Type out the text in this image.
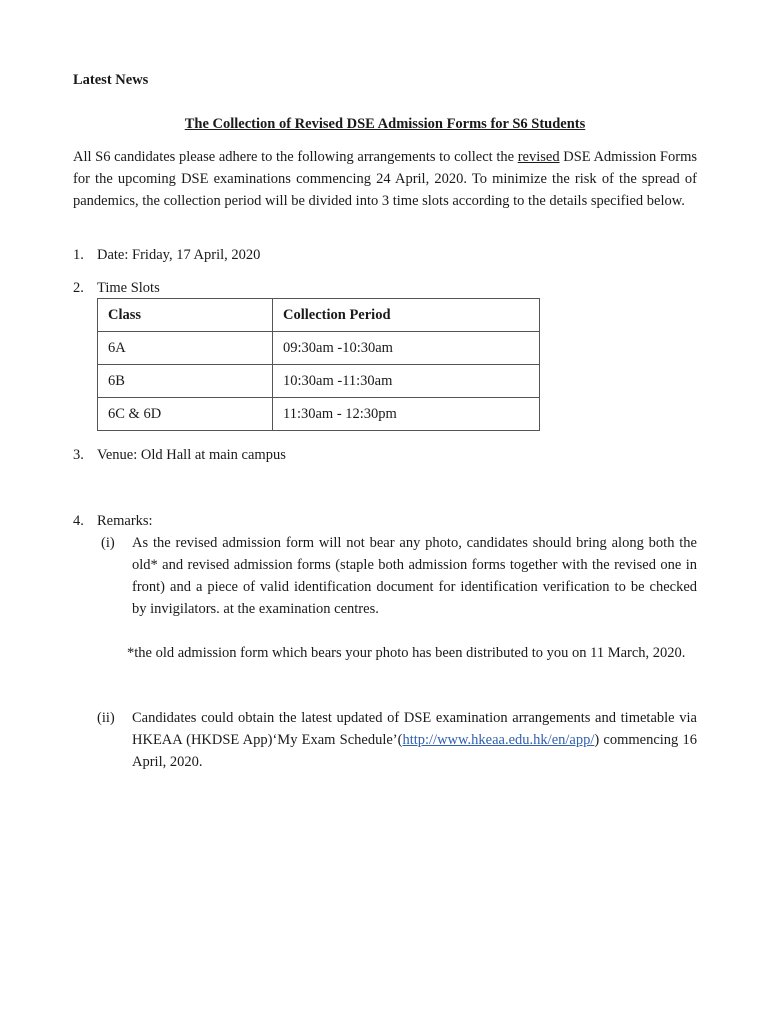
Latest News
The Collection of Revised DSE Admission Forms for S6 Students

All S6 candidates please adhere to the following arrangements to collect the revised DSE Admission Forms for the upcoming DSE examinations commencing 24 April, 2020. To minimize the risk of the spread of pandemics, the collection period will be divided into 3 time slots according to the details specified below.

1. Date: Friday, 17 April, 2020
2. Time Slots
Class	Collection Period
6A	09:30am -10:30am
6B	10:30am -11:30am
6C & 6D	11:30am - 12:30pm
3. Venue: Old Hall at main campus
4. Remarks:
(i) As the revised admission form will not bear any photo, candidates should bring along both the old* and revised admission forms (staple both admission forms together with the revised one in front) and a piece of valid identification document for identification verification to be checked by invigilators. at the examination centres.
*the old admission form which bears your photo has been distributed to you on 11 March, 2020.
(ii) Candidates could obtain the latest updated of DSE examination arrangements and timetable via HKEAA (HKDSE App)‘My Exam Schedule’(http://www.hkeaa.edu.hk/en/app/) commencing 16 April, 2020.
